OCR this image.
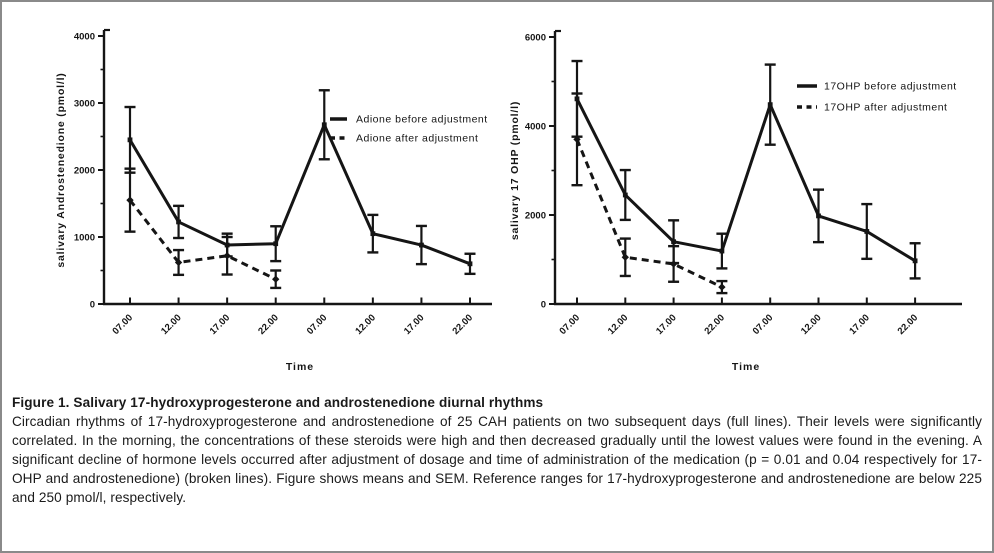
0
1000
2000
3000
4000
07.00	12.00	17.00	22.00	07.00	12.00	17.00	22.00
salivary Androstenedione (pmol/l)
Time
Adione before adjustment
Adione after adjustment
0
2000
4000
6000
07.00 12.00 17.00 22.00 07.00 12.00 17.00 22.00
salivary 17 OHP (pmol/l)
Time
17OHP before adjustment
17OHP after adjustment
Figure 1. Salivary 17-hydroxyprogesterone and androstenedione diurnal rhythms
Circadian rhythms of 17-hydroxyprogesterone and androstenedione of 25 CAH patients on two subsequent days (full lines). Their levels were significantly correlated. In the morning, the concentrations of these steroids were high and then decreased gradually until the lowest values were found in the evening. A significant decline of hormone levels occurred after adjustment of dosage and time of administration of the medication (p = 0.01 and 0.04 respectively for 17-OHP and androstenedione) (broken lines). Figure shows means and SEM. Reference ranges for 17-hydroxyprogesterone and androstenedione are below 225 and 250 pmol/l, respectively.
